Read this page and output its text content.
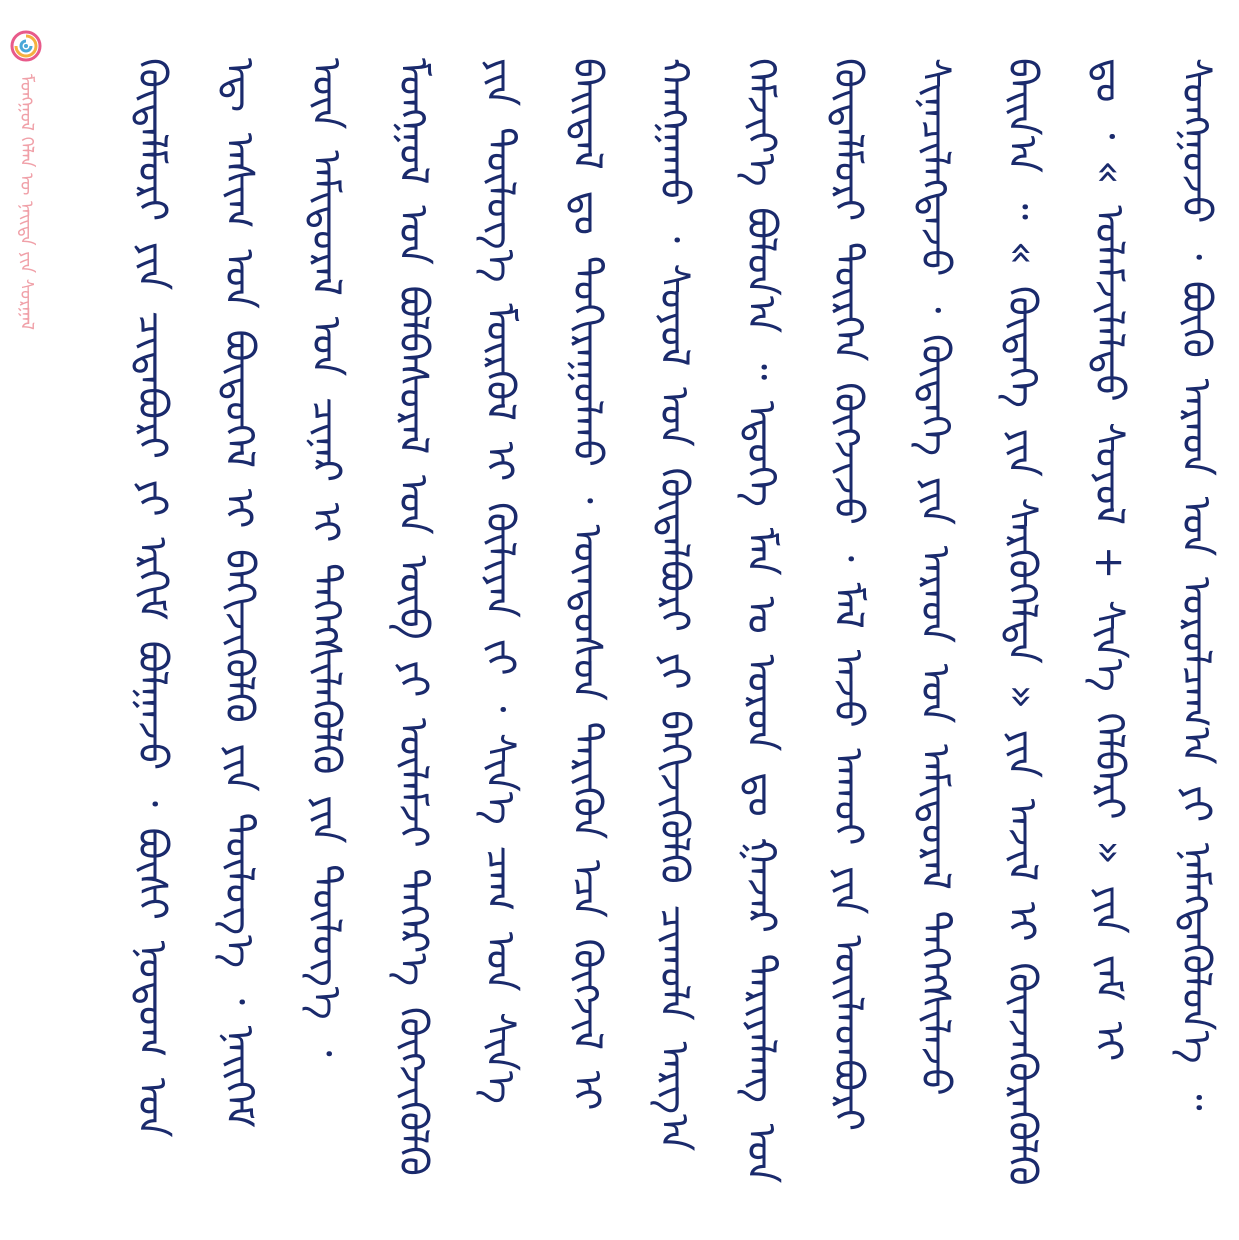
ᠮᠣᠩᠭᠣᠯ ᠬᠡᠯᠡᠨ ᠦ ᠨᠡᠢᠲᠡ ᠶᠢᠨ ᠰᠤᠷᠭᠠᠯ	ᠬᠥᠳᠡᠯᠮᠦᠷᠢ ᠶᠢᠨ ᠴᠢᠳᠠᠪᠤᠷᠢ ᠶᠢ ᠡᠷᠬᠢᠮ ᠪᠣᠯᠭᠠᠵᠤ ᠂ ᠪᠦᠰᠢ ᠨᠤᠲᠤᠭ ᠤᠨ ᠡᠳ᠋ ᠠᠰᠢᠭ ᠤᠨ ᠪᠦᠲᠦᠭᠡᠯ ᠢ ᠪᠡᠬᠢᠵᠢᠭᠦᠯᠬᠦ ᠶᠢᠨ ᠲᠥᠯᠥᠭ᠎ᠡ ᠂ ᠨᠡᠢᠭᠡᠮ ᠦᠨ ᠠᠮᠢᠳᠤᠷᠠᠯ ᠤᠨ ᠴᠢᠨᠠᠷ ᠢ ᠳᠡᠭᠡᠭᠰᠢᠯᠡᠭᠦᠯᠬᠦ ᠶᠢᠨ ᠲᠥᠯᠥᠭ᠎ᠡ ᠂ ᠮᠣᠩᠭᠣᠯ ᠤᠨ ᠪᠣᠯᠪᠠᠰᠤᠷᠠᠯ ᠤᠨ ᠥᠪ ᠶᠢ ᠦᠯᠡᠮᠵᠢ ᠳᠡᠭᠡᠷ᠎ᠡ ᠬᠥᠭᠵᠢᠭᠦᠯᠬᠦ ᠶᠢᠨ ᠲᠥᠯᠥᠭ᠎ᠡ ᠮᠥᠷᠭᠦᠯ ᠢ ᠬᠦᠯᠢᠶᠡᠨ ᠵᠢ ᠂ ᠰᠢᠨ᠎ᠡ ᠴᠠᠭ ᠤᠨ ᠰᠢᠨ᠎ᠡ ᠪᠠᠢᠳᠠᠯ ᠳᠤ ᠲᠣᠬᠢᠷᠠᠭᠤᠯᠬᠤ ᠂ ᠦᠨᠳᠦᠰᠦᠨ ᠲᠡᠷᠢᠭᠦᠨ ᠡᠴᠡ ᠬᠥᠭᠵᠢᠯ ᠢ ᠬᠠᠩᠭᠠᠬᠤ ᠂ ᠰᠣᠶᠣᠯ ᠤᠨ ᠬᠥᠲᠡᠯᠪᠦᠷᠢ ᠶᠢ ᠪᠡᠬᠢᠵᠢᠭᠦᠯᠬᠦ ᠴᠢᠬᠤᠯᠠ ᠠᠷᠭ᠎ᠠ ᠬᠡᠮᠵᠢᠶ᠎ᠡ ᠪᠣᠯᠤᠨ᠎ᠠ ᠃ ᠡᠳᠦᠭᠡ ᠮᠠᠨ ᠤ ᠣᠷᠣᠨ ᠳᠤ ᠭᠠᠵᠠᠷ ᠲᠠᠷᠢᠶᠠᠯᠠᠩ ᠤᠨ ᠬᠥᠳᠡᠯᠮᠦᠷᠢ ᠲᠦᠷᠭᠡᠨ ᠬᠥᠭᠵᠢᠵᠦ ᠂ ᠮᠠᠯ ᠠᠵᠤ ᠠᠬᠤᠢ ᠶᠢᠨ ᠦᠢᠯᠡᠳᠪᠦᠷᠢ ᠰᠢᠨᠡᠴᠢᠯᠡᠭᠳᠡᠵᠦ ᠂ ᠬᠥᠳᠡᠭᠡ ᠶᠢᠨ ᠠᠷᠠᠳ ᠤᠨ ᠠᠮᠢᠳᠤᠷᠠᠯ ᠳᠡᠭᠡᠭᠰᠢᠯᠡᠵᠦ ᠪᠠᠢᠨ᠎ᠠ ᠃ « ᠬᠥᠳᠡᠭᠡ ᠶᠢᠨ ᠰᠡᠷᠭᠦᠭᠡᠯᠲᠡ » ᠶᠢᠨ ᠠᠵᠢᠯ ᠢ ᠭᠦᠨᠵᠡᠭᠦᠷᠡᠭᠦᠯᠬᠦ ᠳᠤ ᠂ « ᠤᠯᠠᠮᠵᠢᠯᠠᠯᠲᠤ ᠰᠣᠶᠣᠯ + ᠰᠢᠨ᠎ᠡ ᠬᠡᠯᠪᠡᠷᠢ » ᠶᠢᠨ ᠵᠠᠮ ᠢ ᠰᠣᠩᠭᠣᠵᠤ ᠂ ᠪᠦᠬᠦ ᠠᠷᠠᠳ ᠤᠨ ᠣᠷᠣᠯᠴᠠᠭ᠎ᠠ ᠶᠢ ᠨᠡᠮᠡᠭᠳᠡᠭᠦᠯᠦᠨ᠎ᠡ ᠃
